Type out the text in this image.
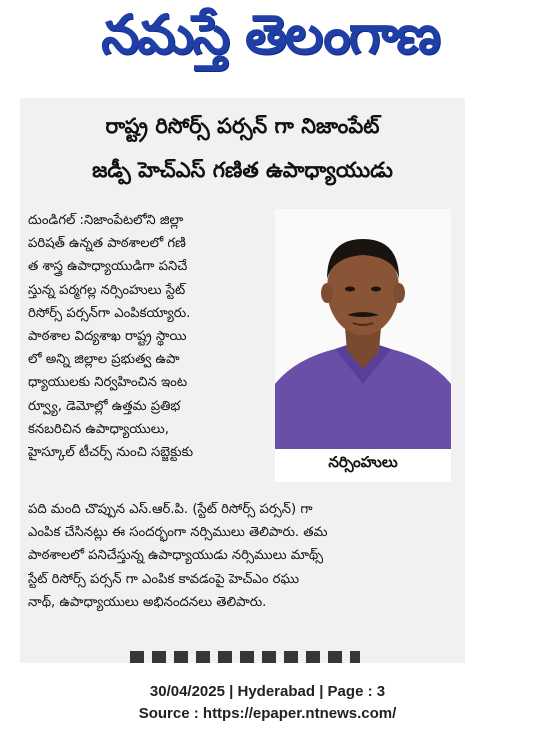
నమస్తే తెలంగాణ
రాష్ట్ర రిసోర్స్ పర్సన్ గా నిజాంపేట్
జడ్పీ హెచ్ఎస్ గణిత ఉపాధ్యాయుడు
దుండిగల్ :నిజాంపేటలోని జిల్లా
పరిషత్ ఉన్నత పాఠశాలలో గణి
త శాస్త్ర ఉపాధ్యాయుడిగా పనిచే
స్తున్న పర్మగల్ల నర్సింహులు స్టేట్
రిసోర్స్ పర్సన్‌గా ఎంపికయ్యారు.
పాఠశాల విద్యశాఖ రాష్ట్ర స్థాయి
లో అన్ని జిల్లాల ప్రభుత్వ ఉపా
ధ్యాయులకు నిర్వహించిన ఇంట
ర్వ్యూ, డెమోల్లో ఉత్తమ ప్రతిభ
కనబరిచిన ఉపాధ్యాయులు,
హైస్కూల్ టీచర్స్ నుంచి సబ్జెక్టుకు
నర్సింహులు
పది మంది చొప్పున ఎస్.ఆర్.పి. (స్టేట్ రిసోర్స్ పర్సన్) గా
ఎంపిక చేసినట్లు ఈ సందర్భంగా నర్సిములు తెలిపారు. తమ
పాఠశాలలో పనిచేస్తున్న ఉపాధ్యాయుడు నర్సిములు మాథ్స్
స్టేట్ రిసోర్స్ పర్సన్ గా ఎంపిక కావడంపై హెచ్ఎం రఘు
నాథ్, ఉపాధ్యాయులు అభినందనలు తెలిపారు.
30/04/2025 | Hyderabad | Page : 3
Source : https://epaper.ntnews.com/
